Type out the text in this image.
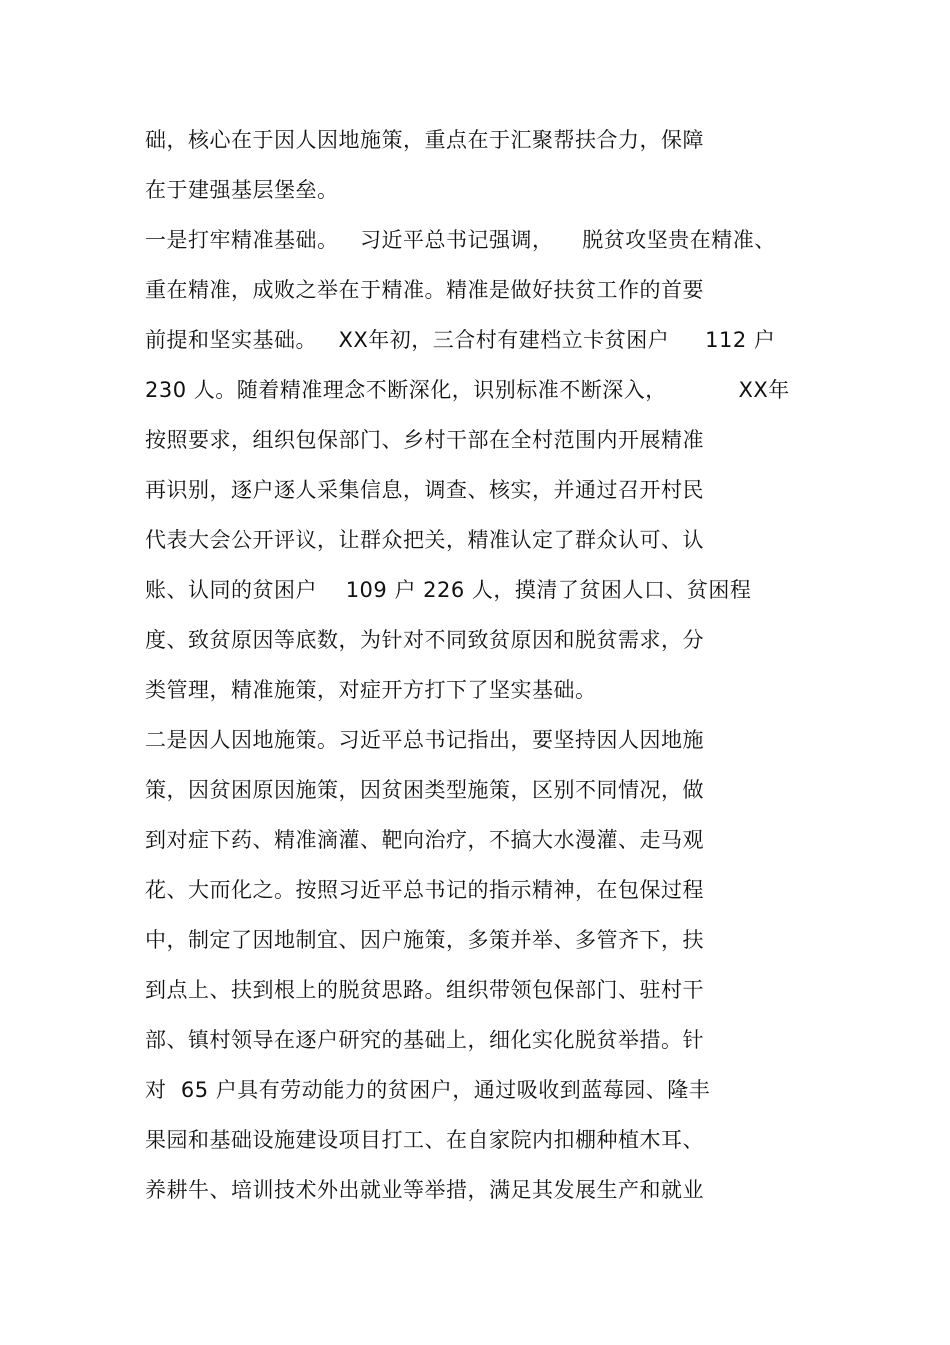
础，核心在于因人因地施策，重点在于汇聚帮扶合力，保障
在于建强基层堡垒。
一是打牢精准基础。   习近平总书记强调，    脱贫攻坚贵在精准、
重在精准，成败之举在于精准。精准是做好扶贫工作的首要
前提和坚实基础。   XX年初，三合村有建档立卡贫困户     112 户
230 人。随着精准理念不断深化，识别标准不断深入，          XX年
按照要求，组织包保部门、乡村干部在全村范围内开展精准
再识别，逐户逐人采集信息，调查、核实，并通过召开村民
代表大会公开评议，让群众把关，精准认定了群众认可、认
账、认同的贫困户    109 户 226 人，摸清了贫困人口、贫困程
度、致贫原因等底数，为针对不同致贫原因和脱贫需求，分
类管理，精准施策，对症开方打下了坚实基础。
二是因人因地施策。习近平总书记指出，要坚持因人因地施
策，因贫困原因施策，因贫困类型施策，区别不同情况，做
到对症下药、精准滴灌、靶向治疗，不搞大水漫灌、走马观
花、大而化之。按照习近平总书记的指示精神，在包保过程
中，制定了因地制宜、因户施策，多策并举、多管齐下，扶
到点上、扶到根上的脱贫思路。组织带领包保部门、驻村干
部、镇村领导在逐户研究的基础上，细化实化脱贫举措。针
对  65 户具有劳动能力的贫困户，通过吸收到蓝莓园、隆丰
果园和基础设施建设项目打工、在自家院内扣棚种植木耳、
养耕牛、培训技术外出就业等举措，满足其发展生产和就业
